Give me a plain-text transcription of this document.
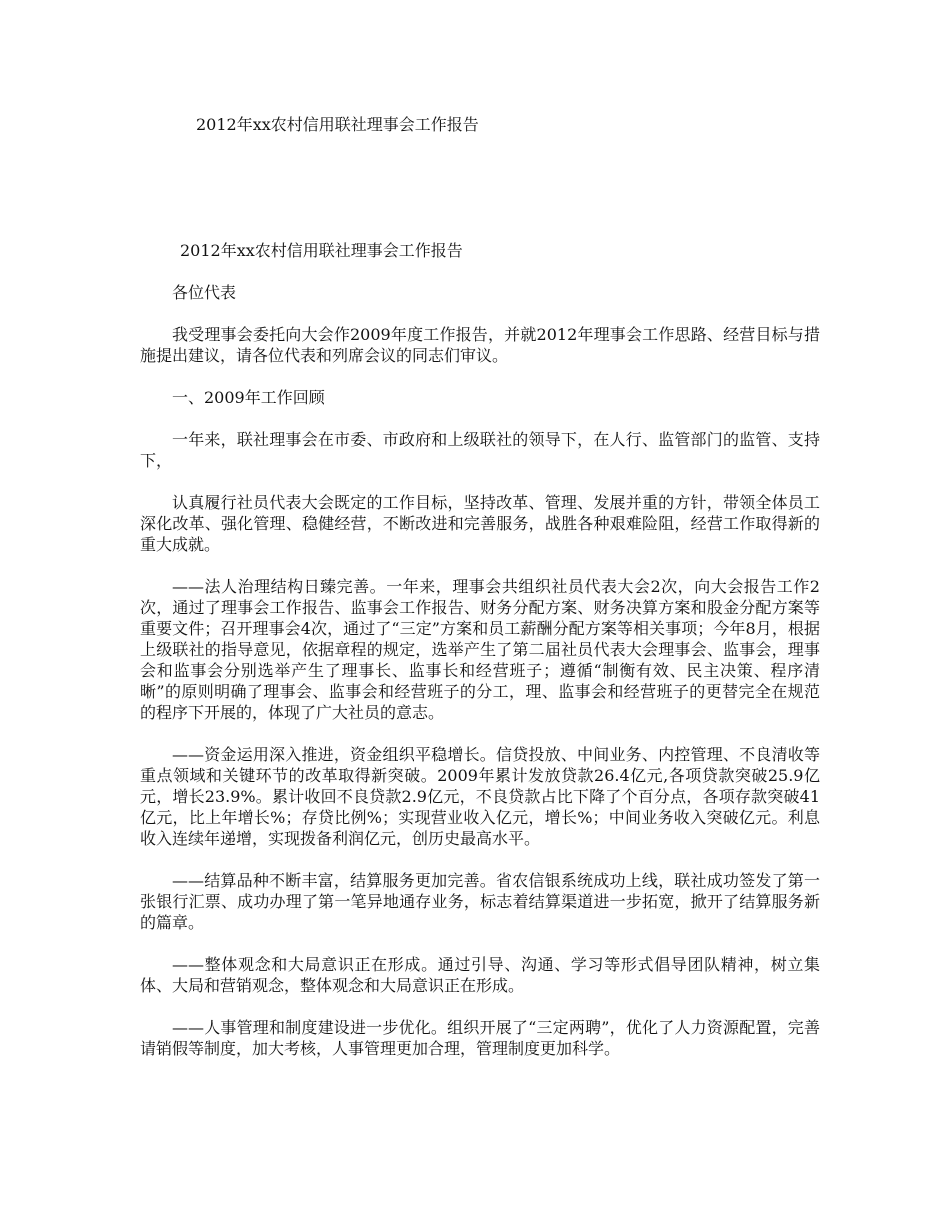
2012年xx农村信用联社理事会工作报告

2012年xx农村信用联社理事会工作报告

各位代表

我受理事会委托向大会作2009年度工作报告，并就2012年理事会工作思路、经营目标与措施提出建议，请各位代表和列席会议的同志们审议。

一、2009年工作回顾

一年来，联社理事会在市委、市政府和上级联社的领导下，在人行、监管部门的监管、支持下，

认真履行社员代表大会既定的工作目标，坚持改革、管理、发展并重的方针，带领全体员工深化改革、强化管理、稳健经营，不断改进和完善服务，战胜各种艰难险阻，经营工作取得新的重大成就。

——法人治理结构日臻完善。一年来，理事会共组织社员代表大会2次，向大会报告工作2次，通过了理事会工作报告、监事会工作报告、财务分配方案、财务决算方案和股金分配方案等重要文件；召开理事会4次，通过了“三定”方案和员工薪酬分配方案等相关事项；今年8月，根据上级联社的指导意见，依据章程的规定，选举产生了第二届社员代表大会理事会、监事会，理事会和监事会分别选举产生了理事长、监事长和经营班子；遵循“制衡有效、民主决策、程序清晰”的原则明确了理事会、监事会和经营班子的分工，理、监事会和经营班子的更替完全在规范的程序下开展的，体现了广大社员的意志。

——资金运用深入推进，资金组织平稳增长。信贷投放、中间业务、内控管理、不良清收等重点领域和关键环节的改革取得新突破。2009年累计发放贷款26.4亿元,各项贷款突破25.9亿元，增长23.9%。累计收回不良贷款2.9亿元，不良贷款占比下降了个百分点，各项存款突破41亿元，比上年增长%；存贷比例%；实现营业收入亿元，增长%；中间业务收入突破亿元。利息收入连续年递增，实现拨备利润亿元，创历史最高水平。

——结算品种不断丰富，结算服务更加完善。省农信银系统成功上线，联社成功签发了第一张银行汇票、成功办理了第一笔异地通存业务，标志着结算渠道进一步拓宽，掀开了结算服务新的篇章。

——整体观念和大局意识正在形成。通过引导、沟通、学习等形式倡导团队精神，树立集体、大局和营销观念，整体观念和大局意识正在形成。

——人事管理和制度建设进一步优化。组织开展了“三定两聘”，优化了人力资源配置，完善请销假等制度，加大考核，人事管理更加合理，管理制度更加科学。
